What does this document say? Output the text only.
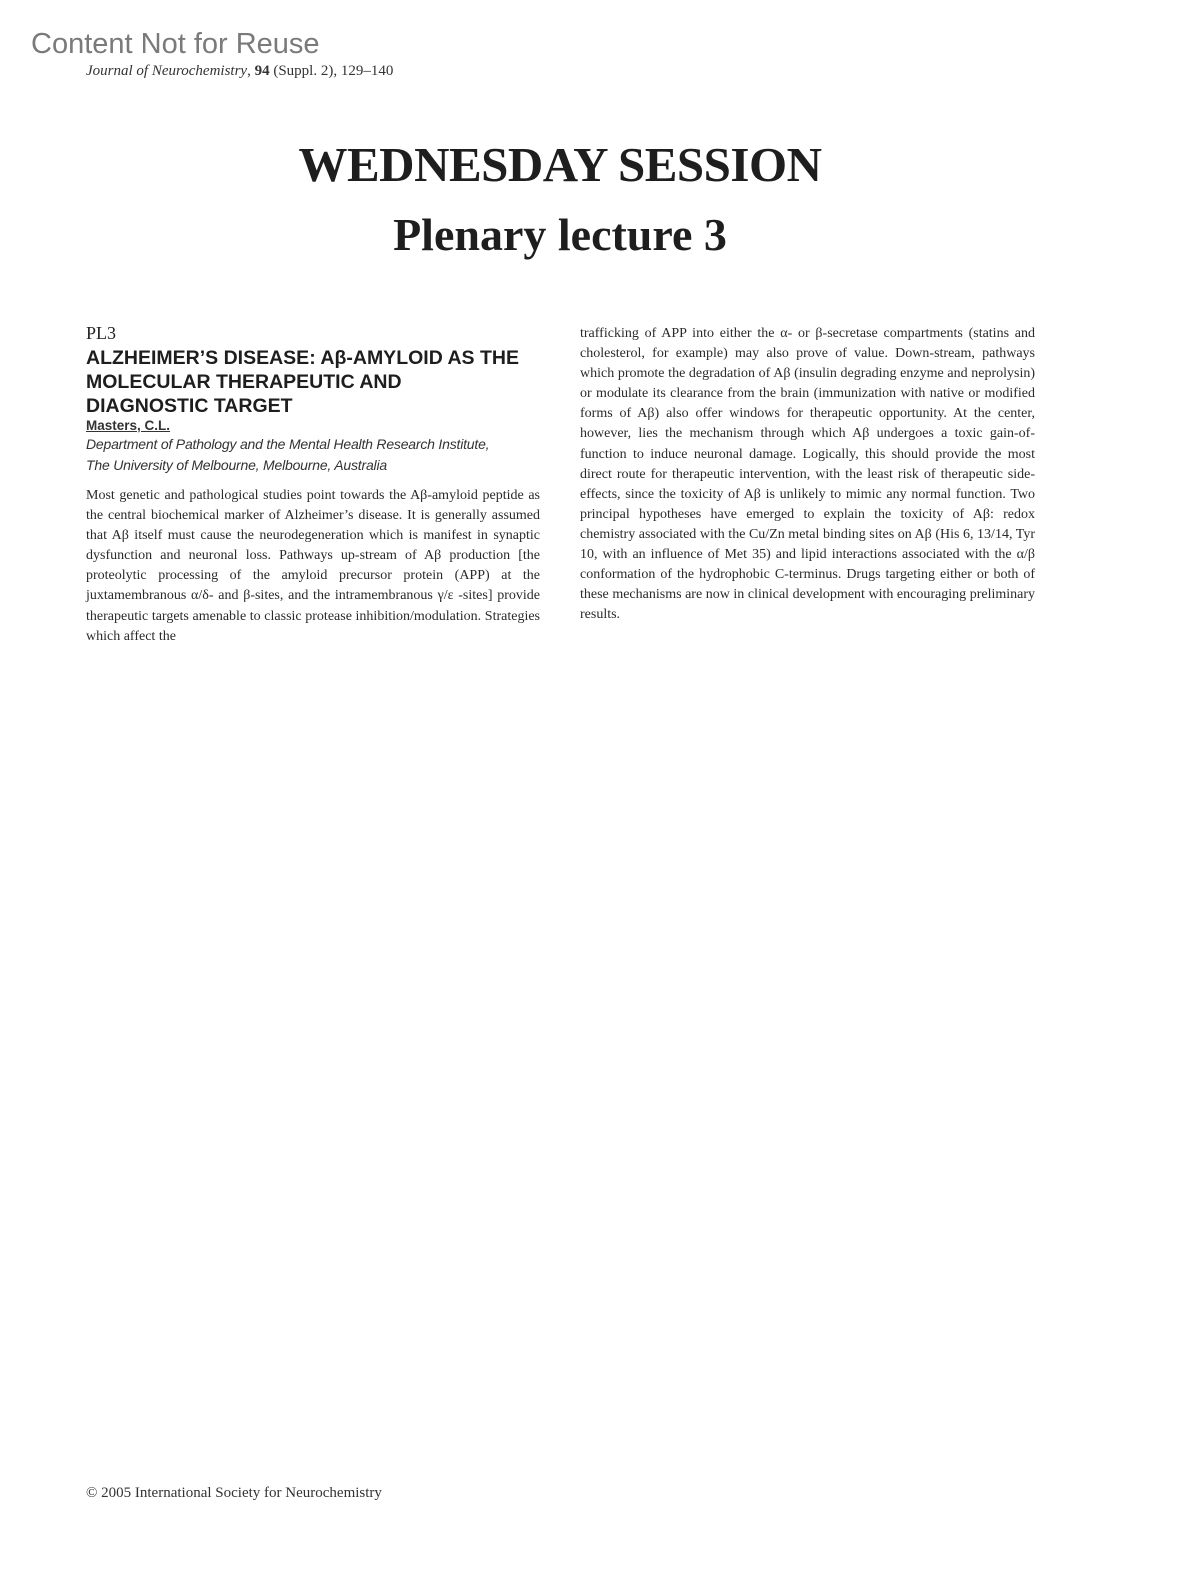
Content Not for Reuse
Journal of Neurochemistry, 94 (Suppl. 2), 129–140
WEDNESDAY SESSION
Plenary lecture 3
PL3
ALZHEIMER’S DISEASE: Aβ-AMYLOID AS THE
MOLECULAR THERAPEUTIC AND
DIAGNOSTIC TARGET
Masters, C.L.
Department of Pathology and the Mental Health Research Institute,
The University of Melbourne, Melbourne, Australia

Most genetic and pathological studies point towards the Aβ-amyloid peptide as the central biochemical marker of Alzheimer’s disease. It is generally assumed that Aβ itself must cause the neurodegeneration which is manifest in synaptic dysfunction and neuronal loss. Pathways up-stream of Aβ production [the proteolytic processing of the amyloid precursor protein (APP) at the juxtamembranous α/δ- and β-sites, and the intramembranous γ/ε -sites] provide therapeutic targets amenable to classic protease inhibition/modulation. Strategies which affect the

trafficking of APP into either the α- or β-secretase compartments (statins and cholesterol, for example) may also prove of value. Down-stream, pathways which promote the degradation of Aβ (insulin degrading enzyme and neprolysin) or modulate its clearance from the brain (immunization with native or modified forms of Aβ) also offer windows for therapeutic opportunity. At the center, however, lies the mechanism through which Aβ undergoes a toxic gain-of-function to induce neuronal damage. Logically, this should provide the most direct route for therapeutic intervention, with the least risk of therapeutic side-effects, since the toxicity of Aβ is unlikely to mimic any normal function. Two principal hypotheses have emerged to explain the toxicity of Aβ: redox chemistry associated with the Cu/Zn metal binding sites on Aβ (His 6, 13/14, Tyr 10, with an influence of Met 35) and lipid interactions associated with the α/β conformation of the hydrophobic C-terminus. Drugs targeting either or both of these mechanisms are now in clinical development with encouraging preliminary results.

© 2005 International Society for Neurochemistry
